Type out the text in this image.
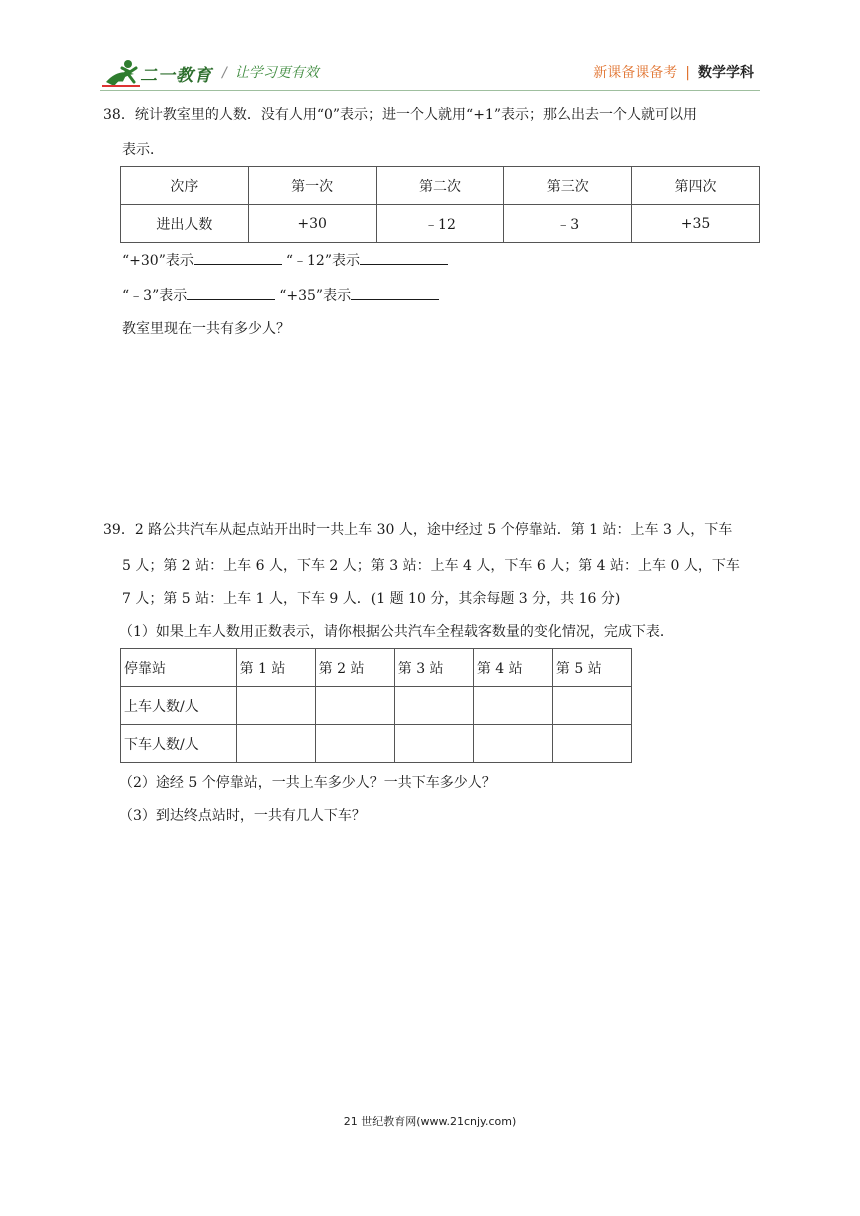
二一教育 / 让学习更有效	新课备课备考 | 数学学科
38．统计教室里的人数．没有人用“0”表示；进一个人就用“+1”表示；那么出去一个人就可以用
表示．
次序	第一次	第二次	第三次	第四次
进出人数	+30	﹣12	﹣3	+35
“+30”表示	“﹣12”表示
“﹣3”表示	“+35”表示
教室里现在一共有多少人？
39．2 路公共汽车从起点站开出时一共上车 30 人，途中经过 5 个停靠站．第 1 站：上车 3 人，下车
5 人；第 2 站：上车 6 人，下车 2 人；第 3 站：上车 4 人，下车 6 人；第 4 站：上车 0 人，下车
7 人；第 5 站：上车 1 人，下车 9 人．(1 题 10 分，其余每题 3 分，共 16 分)
（1）如果上车人数用正数表示，请你根据公共汽车全程载客数量的变化情况，完成下表．
停靠站	第 1 站	第 2 站	第 3 站	第 4 站	第 5 站
上车人数/人					
下车人数/人					
（2）途经 5 个停靠站，一共上车多少人？一共下车多少人？
（3）到达终点站时，一共有几人下车？
21 世纪教育网(www.21cnjy.com)
